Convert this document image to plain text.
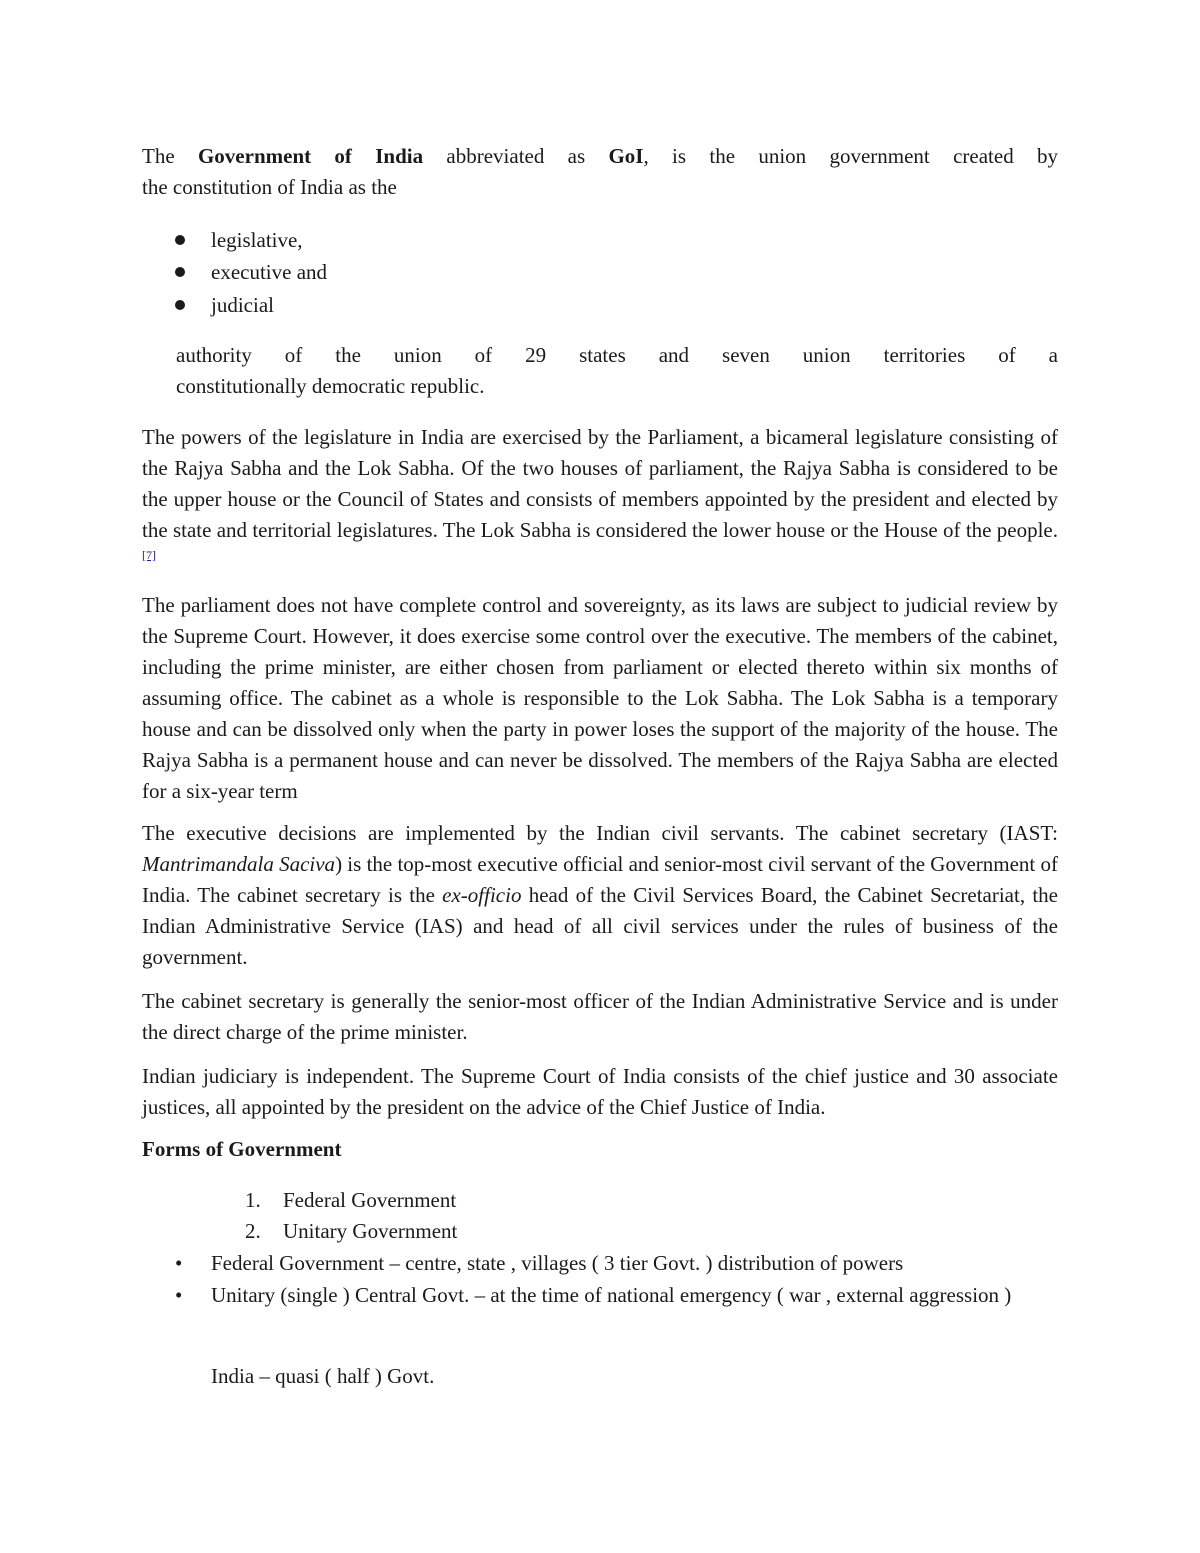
The Government of India abbreviated as GoI, is the union government created by
the constitution of India as the
legislative,
executive and
judicial
authority of the union of 29 states and seven union territories of a
constitutionally democratic republic.

The powers of the legislature in India are exercised by the Parliament, a bicameral legislature consisting of the Rajya Sabha and the Lok Sabha. Of the two houses of parliament, the Rajya Sabha is considered to be the upper house or the Council of States and consists of members appointed by the president and elected by the state and territorial legislatures. The Lok Sabha is considered the lower house or the House of the people.[7]

The parliament does not have complete control and sovereignty, as its laws are subject to judicial review by the Supreme Court. However, it does exercise some control over the executive. The members of the cabinet, including the prime minister, are either chosen from parliament or elected thereto within six months of assuming office. The cabinet as a whole is responsible to the Lok Sabha. The Lok Sabha is a temporary house and can be dissolved only when the party in power loses the support of the majority of the house. The Rajya Sabha is a permanent house and can never be dissolved. The members of the Rajya Sabha are elected for a six-year term

The executive decisions are implemented by the Indian civil servants. The cabinet secretary (IAST: Mantrimandala Saciva) is the top-most executive official and senior-most civil servant of the Government of India. The cabinet secretary is the ex-officio head of the Civil Services Board, the Cabinet Secretariat, the Indian Administrative Service (IAS) and head of all civil services under the rules of business of the government.

The cabinet secretary is generally the senior-most officer of the Indian Administrative Service and is under the direct charge of the prime minister.

Indian judiciary is independent. The Supreme Court of India consists of the chief justice and 30 associate justices, all appointed by the president on the advice of the Chief Justice of India.

Forms of Government
1. Federal Government
2. Unitary Government
•	Federal Government – centre, state , villages ( 3 tier Govt. ) distribution of powers
•	Unitary (single ) Central Govt. – at the time of national emergency ( war , external aggression )
India – quasi ( half ) Govt.
